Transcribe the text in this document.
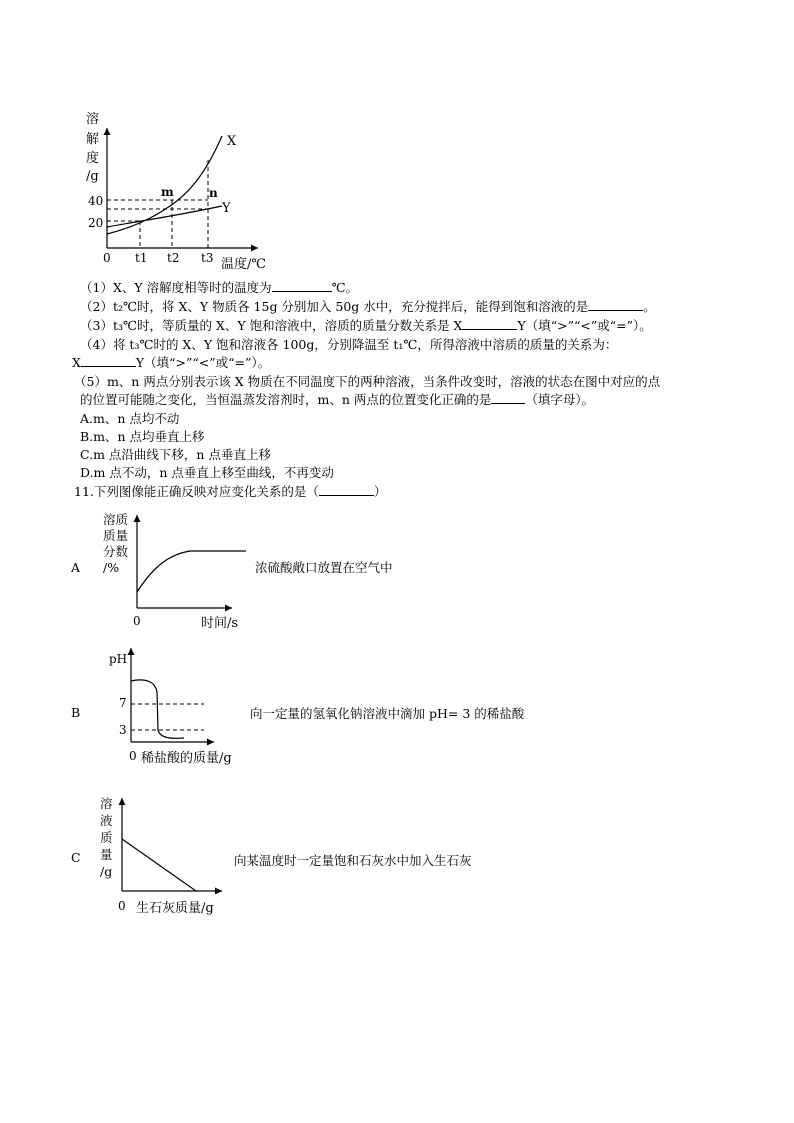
溶
解
度
/g
40
20
0 t1 t2 t3 温度/℃
X
Y
m	n
（1）X、Y 溶解度相等时的温度为	℃。
（2）t₂℃时，将 X、Y 物质各 15g 分别加入 50g 水中，充分搅拌后，能得到饱和溶液的是	。
（3）t₃℃时，等质量的 X、Y 饱和溶液中，溶质的质量分数关系是 X	Y（填“>”“<”或“=”）。
（4）将 t₃℃时的 X、Y 饱和溶液各 100g，分别降温至 t₁℃，所得溶液中溶质的质量的关系为：
X	Y（填“>”“<”或“=”）。
（5）m、n 两点分别表示该 X 物质在不同温度下的两种溶液，当条件改变时，溶液的状态在图中对应的点
的位置可能随之变化，当恒温蒸发溶剂时，m、n 两点的位置变化正确的是	（填字母）。
A.m、n 点均不动
B.m、n 点均垂直上移
C.m 点沿曲线下移，n 点垂直上移
D.m 点不动，n 点垂直上移至曲线，不再变动
11.下列图像能正确反映对应变化关系的是（	）
A
溶质
质量
分数
/%
0	时间/s
浓硫酸敞口放置在空气中
B
pH
7
3
0 稀盐酸的质量/g
向一定量的氢氧化钠溶液中滴加 pH= 3 的稀盐酸
C
溶
液
质
量
/g
0 生石灰质量/g
向某温度时一定量饱和石灰水中加入生石灰
